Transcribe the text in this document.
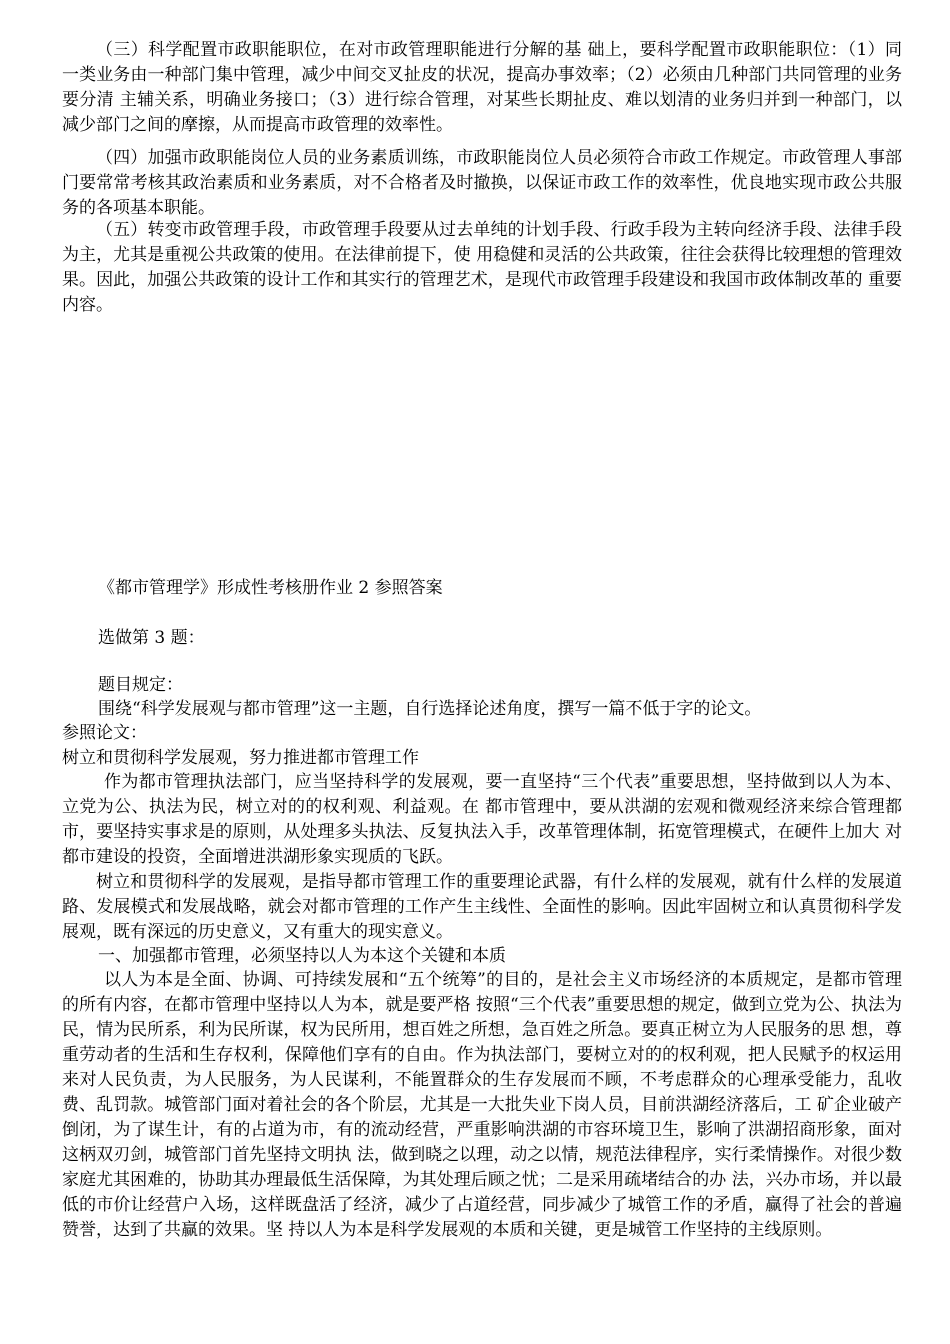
（三）科学配置市政职能职位，在对市政管理职能进行分解的基 础上，要科学配置市政职能职位：（1）同一类业务由一种部门集中管理，减少中间交叉扯皮的状况，提高办事效率；（2）必须由几种部门共同管理的业务要分清 主辅关系，明确业务接口；（3）进行综合管理，对某些长期扯皮、难以划清的业务归并到一种部门，以减少部门之间的摩擦，从而提高市政管理的效率性。

（四）加强市政职能岗位人员的业务素质训练，市政职能岗位人员必须符合市政工作规定。市政管理人事部门要常常考核其政治素质和业务素质，对不合格者及时撤换，以保证市政工作的效率性，优良地实现市政公共服务的各项基本职能。

（五）转变市政管理手段，市政管理手段要从过去单纯的计划手段、行政手段为主转向经济手段、法律手段为主，尤其是重视公共政策的使用。在法律前提下，使 用稳健和灵活的公共政策，往往会获得比较理想的管理效果。因此，加强公共政策的设计工作和其实行的管理艺术，是现代市政管理手段建设和我国市政体制改革的 重要内容。

《都市管理学》形成性考核册作业 2 参照答案

选做第 3 题：

题目规定：

围绕“科学发展观与都市管理”这一主题，自行选择论述角度，撰写一篇不低于字的论文。

参照论文：

树立和贯彻科学发展观，努力推进都市管理工作

作为都市管理执法部门，应当坚持科学的发展观，要一直坚持“三个代表”重要思想，坚持做到以人为本、立党为公、执法为民，树立对的的权利观、利益观。在 都市管理中，要从洪湖的宏观和微观经济来综合管理都市，要坚持实事求是的原则，从处理多头执法、反复执法入手，改革管理体制，拓宽管理模式，在硬件上加大 对都市建设的投资，全面增进洪湖形象实现质的飞跃。

树立和贯彻科学的发展观，是指导都市管理工作的重要理论武器，有什么样的发展观，就有什么样的发展道路、发展模式和发展战略，就会对都市管理的工作产生主线性、全面性的影响。因此牢固树立和认真贯彻科学发展观，既有深远的历史意义，又有重大的现实意义。

一、加强都市管理，必须坚持以人为本这个关键和本质

以人为本是全面、协调、可持续发展和“五个统筹”的目的，是社会主义市场经济的本质规定，是都市管理的所有内容，在都市管理中坚持以人为本，就是要严格 按照“三个代表”重要思想的规定，做到立党为公、执法为民，情为民所系，利为民所谋，权为民所用，想百姓之所想，急百姓之所急。要真正树立为人民服务的思 想，尊重劳动者的生活和生存权利，保障他们享有的自由。作为执法部门，要树立对的的权利观，把人民赋予的权运用来对人民负责，为人民服务，为人民谋利，不能置群众的生存发展而不顾，不考虑群众的心理承受能力，乱收费、乱罚款。城管部门面对着社会的各个阶层，尤其是一大批失业下岗人员，目前洪湖经济落后，工 矿企业破产倒闭，为了谋生计，有的占道为市，有的流动经营，严重影响洪湖的市容环境卫生，影响了洪湖招商形象，面对这柄双刃剑，城管部门首先坚持文明执 法，做到晓之以理，动之以情，规范法律程序，实行柔情操作。对很少数家庭尤其困难的，协助其办理最低生活保障，为其处理后顾之忧；二是采用疏堵结合的办 法，兴办市场，并以最低的市价让经营户入场，这样既盘活了经济，减少了占道经营，同步减少了城管工作的矛盾，赢得了社会的普遍赞誉，达到了共赢的效果。坚 持以人为本是科学发展观的本质和关键，更是城管工作坚持的主线原则。
